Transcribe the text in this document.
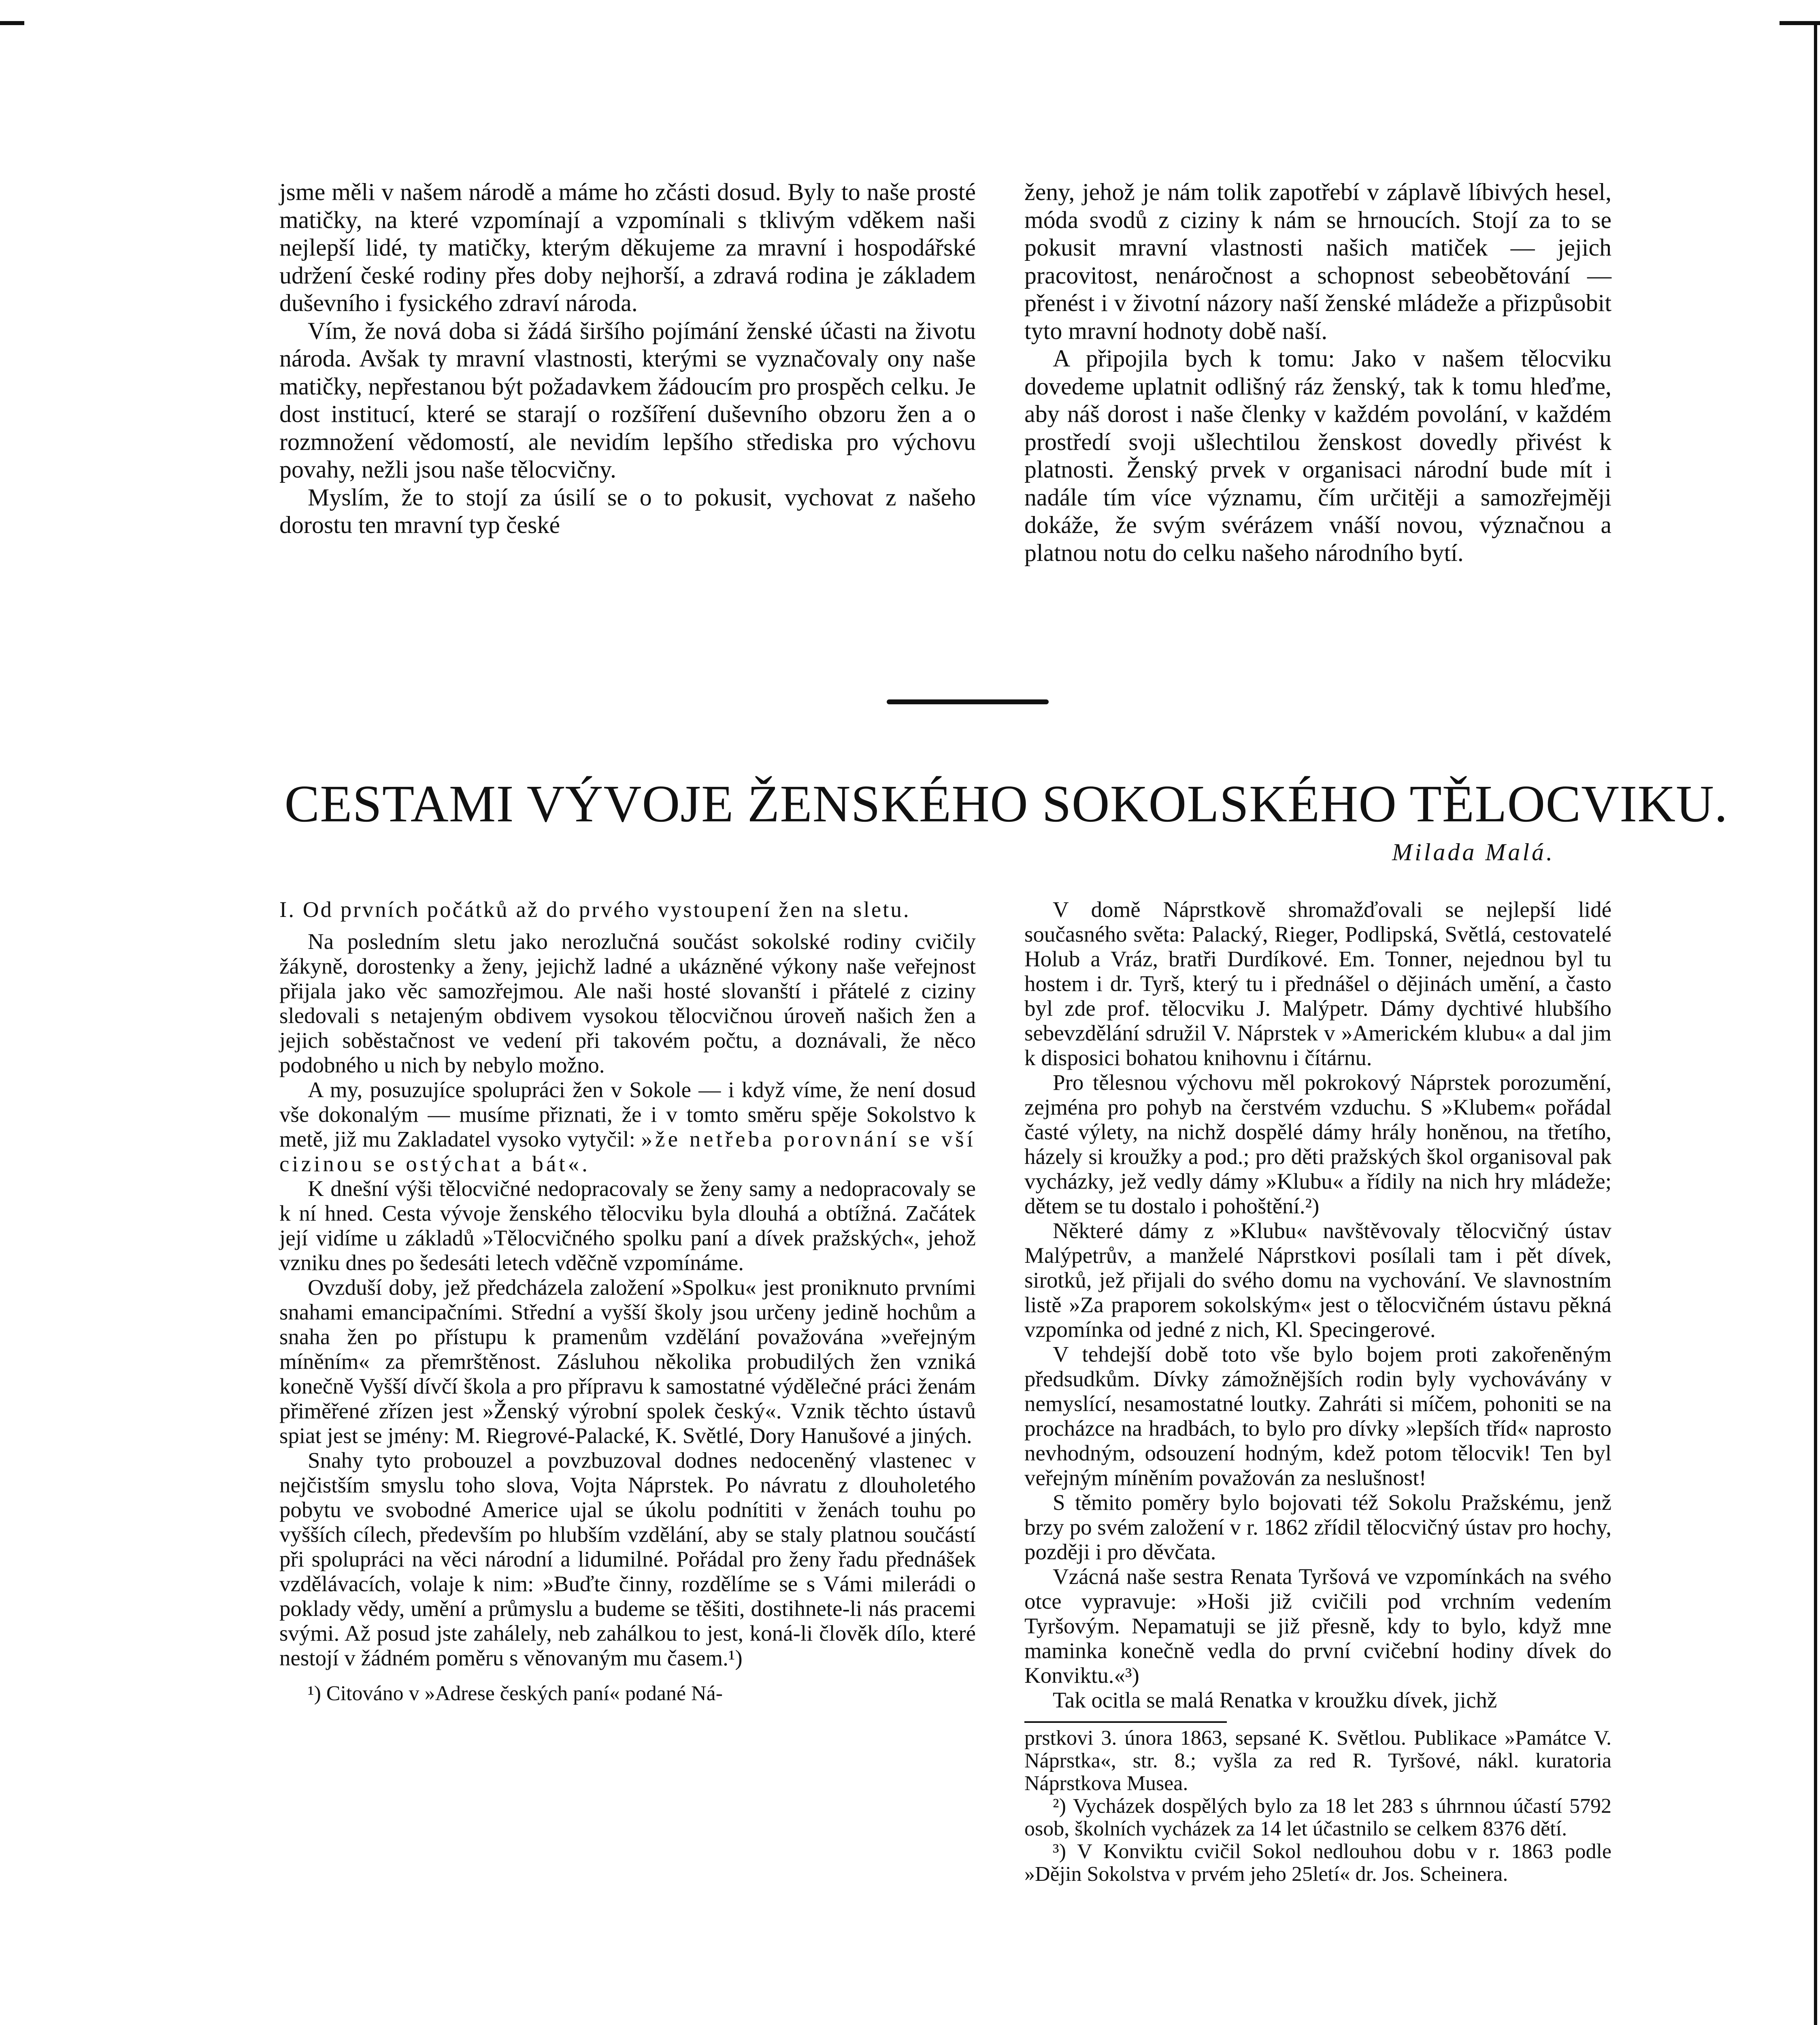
jsme měli v našem národě a máme ho zčásti dosud. Byly to naše prosté matičky, na které vzpomínají a vzpomínali s tklivým vděkem naši nejlepší lidé, ty matičky, kterým děkujeme za mravní i hospodářské udržení české rodiny přes doby nejhorší, a zdravá rodina je základem duševního i fysického zdraví národa.

Vím, že nová doba si žádá širšího pojímání ženské účasti na životu národa. Avšak ty mravní vlastnosti, kterými se vyznačovaly ony naše matičky, nepřestanou být požadavkem žádoucím pro prospěch celku. Je dost institucí, které se starají o rozšíření duševního obzoru žen a o rozmnožení vědomostí, ale nevidím lepšího střediska pro výchovu povahy, nežli jsou naše tělocvičny.

Myslím, že to stojí za úsilí se o to pokusit, vychovat z našeho dorostu ten mravní typ české

ženy, jehož je nám tolik zapotřebí v záplavě líbivých hesel, móda svodů z ciziny k nám se hrnoucích. Stojí za to se pokusit mravní vlastnosti našich matiček — jejich pracovitost, nenáročnost a schopnost sebeobětování — přenést i v životní názory naší ženské mládeže a přizpůsobit tyto mravní hodnoty době naší.

A připojila bych k tomu: Jako v našem tělocviku dovedeme uplatnit odlišný ráz ženský, tak k tomu hleďme, aby náš dorost i naše členky v každém povolání, v každém prostředí svoji ušlechtilou ženskost dovedly přivést k platnosti. Ženský prvek v organisaci národní bude mít i nadále tím více významu, čím určitěji a samozřejměji dokáže, že svým svérázem vnáší novou, význačnou a platnou notu do celku našeho národního bytí.

CESTAMI VÝVOJE ŽENSKÉHO SOKOLSKÉHO TĚLOCVIKU.
Milada Malá.

I. Od prvních počátků až do prvého vystoupení žen na sletu.

Na posledním sletu jako nerozlučná součást sokolské rodiny cvičily žákyně, dorostenky a ženy, jejichž ladné a ukázněné výkony naše veřejnost přijala jako věc samozřejmou. Ale naši hosté slovanští i přátelé z ciziny sledovali s netajeným obdivem vysokou tělocvičnou úroveň našich žen a jejich soběstačnost ve vedení při takovém počtu, a doznávali, že něco podobného u nich by nebylo možno.

A my, posuzujíce spolupráci žen v Sokole — i když víme, že není dosud vše dokonalým — musíme přiznati, že i v tomto směru spěje Sokolstvo k metě, již mu Zakladatel vysoko vytyčil: »že netřeba porovnání se vší cizinou se ostýchat a bát«.

K dnešní výši tělocvičné nedopracovaly se ženy samy a nedopracovaly se k ní hned. Cesta vývoje ženského tělocviku byla dlouhá a obtížná. Začátek její vidíme u základů »Tělocvičného spolku paní a dívek pražských«, jehož vzniku dnes po šedesáti letech vděčně vzpomínáme.

Ovzduší doby, jež předcházela založení »Spolku« jest proniknuto prvními snahami emancipačními. Střední a vyšší školy jsou určeny jedině hochům a snaha žen po přístupu k pramenům vzdělání považována »veřejným míněním« za přemrštěnost. Zásluhou několika probudilých žen vzniká konečně Vyšší dívčí škola a pro přípravu k samostatné výdělečné práci ženám přiměřené zřízen jest »Ženský výrobní spolek český«. Vznik těchto ústavů spiat jest se jmény: M. Riegrové-Palacké, K. Světlé, Dory Hanušové a jiných.

Snahy tyto probouzel a povzbuzoval dodnes nedoceněný vlastenec v nejčistším smyslu toho slova, Vojta Náprstek. Po návratu z dlouholetého pobytu ve svobodné Americe ujal se úkolu podnítiti v ženách touhu po vyšších cílech, především po hlubším vzdělání, aby se staly platnou součástí při spolupráci na věci národní a lidumilné. Pořádal pro ženy řadu přednášek vzdělávacích, volaje k nim: »Buďte činny, rozdělíme se s Vámi milerádi o poklady vědy, umění a průmyslu a budeme se těšiti, dostihnete-li nás pracemi svými. Až posud jste zahálely, neb zahálkou to jest, koná-li člověk dílo, které nestojí v žádném poměru s věnovaným mu časem.¹)

¹) Citováno v »Adrese českých paní« podané Ná-

V domě Náprstkově shromažďovali se nejlepší lidé současného světa: Palacký, Rieger, Podlipská, Světlá, cestovatelé Holub a Vráz, bratři Durdíkové. Em. Tonner, nejednou byl tu hostem i dr. Tyrš, který tu i přednášel o dějinách umění, a často byl zde prof. tělocviku J. Malýpetr. Dámy dychtivé hlubšího sebevzdělání sdružil V. Náprstek v »Americkém klubu« a dal jim k disposici bohatou knihovnu i čítárnu.

Pro tělesnou výchovu měl pokrokový Náprstek porozumění, zejména pro pohyb na čerstvém vzduchu. S »Klubem« pořádal časté výlety, na nichž dospělé dámy hrály honěnou, na třetího, házely si kroužky a pod.; pro děti pražských škol organisoval pak vycházky, jež vedly dámy »Klubu« a řídily na nich hry mládeže; dětem se tu dostalo i pohoštění.²)

Některé dámy z »Klubu« navštěvovaly tělocvičný ústav Malýpetrův, a manželé Náprstkovi posílali tam i pět dívek, sirotků, jež přijali do svého domu na vychování. Ve slavnostním listě »Za praporem sokolským« jest o tělocvičném ústavu pěkná vzpomínka od jedné z nich, Kl. Specingerové.

V tehdejší době toto vše bylo bojem proti zakořeněným předsudkům. Dívky zámožnějších rodin byly vychovávány v nemyslící, nesamostatné loutky. Zahráti si míčem, pohoniti se na procházce na hradbách, to bylo pro dívky »lepších tříd« naprosto nevhodným, odsouzení hodným, kdež potom tělocvik! Ten byl veřejným míněním považován za neslušnost!

S těmito poměry bylo bojovati též Sokolu Pražskému, jenž brzy po svém založení v r. 1862 zřídil tělocvičný ústav pro hochy, později i pro děvčata.

Vzácná naše sestra Renata Tyršová ve vzpomínkách na svého otce vypravuje: »Hoši již cvičili pod vrchním vedením Tyršovým. Nepamatuji se již přesně, kdy to bylo, když mne maminka konečně vedla do první cvičební hodiny dívek do Konviktu.«³)

Tak ocitla se malá Renatka v kroužku dívek, jichž

prstkovi 3. února 1863, sepsané K. Světlou. Publikace »Památce V. Náprstka«, str. 8.; vyšla za red R. Tyršové, nákl. kuratoria Náprstkova Musea.

²) Vycházek dospělých bylo za 18 let 283 s úhrnnou účastí 5792 osob, školních vycházek za 14 let účastnilo se celkem 8376 dětí.

³) V Konviktu cvičil Sokol nedlouhou dobu v r. 1863 podle »Dějin Sokolstva v prvém jeho 25letí« dr. Jos. Scheinera.
